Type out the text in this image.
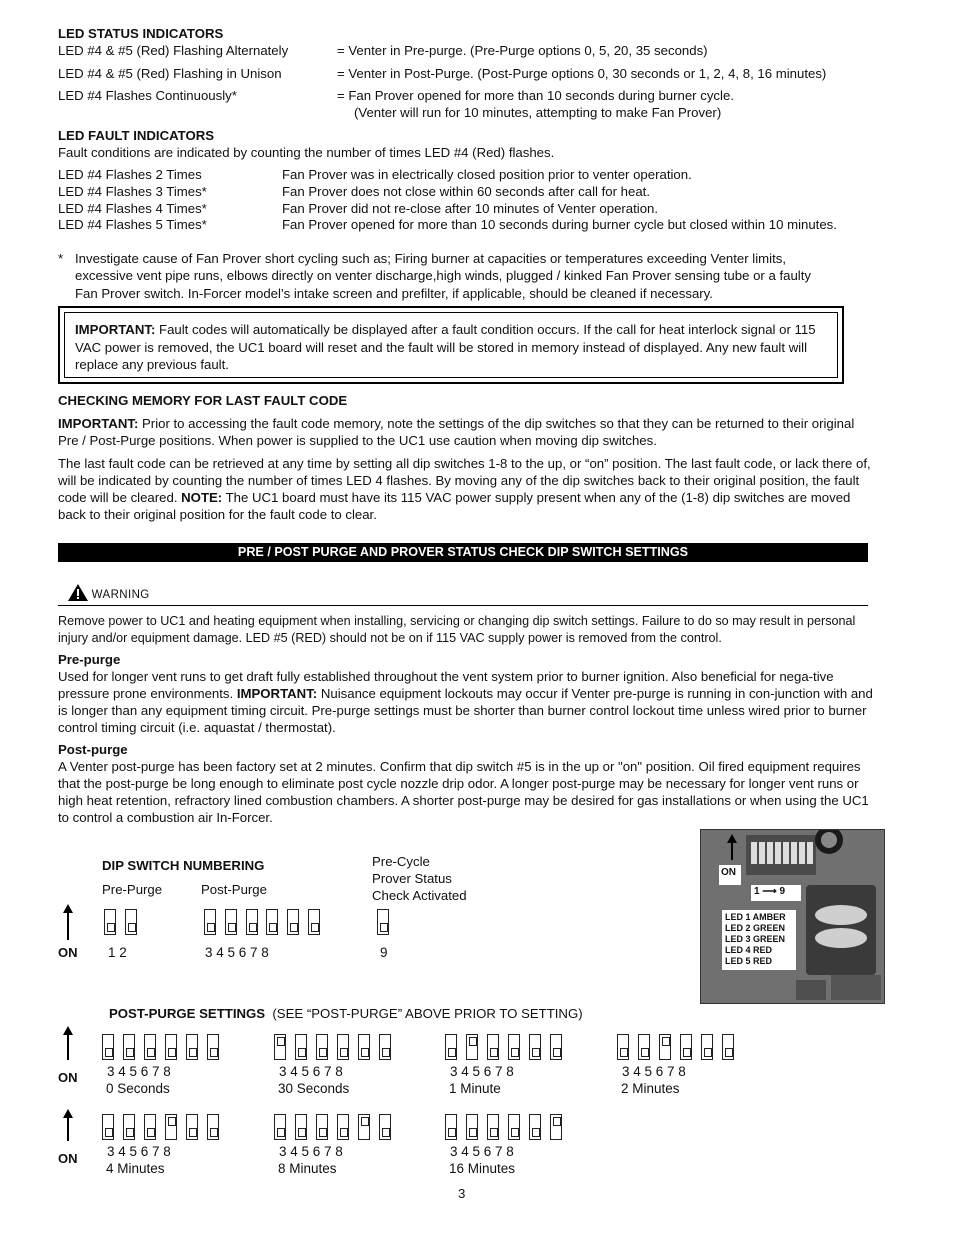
LED STATUS INDICATORS
LED #4 & #5 (Red) Flashing Alternately	= Venter in Pre-purge. (Pre-Purge options 0, 5, 20, 35 seconds)
LED #4 & #5 (Red) Flashing in Unison	= Venter in Post-Purge. (Post-Purge options 0, 30 seconds or 1, 2, 4, 8, 16 minutes)
LED #4 Flashes Continuously*	= Fan Prover opened for more than 10 seconds during burner cycle.
(Venter will run for 10 minutes, attempting to make Fan Prover)
LED FAULT INDICATORS
Fault conditions are indicated by counting the number of times LED #4 (Red) flashes.
LED #4 Flashes 2 Times	Fan Prover was in electrically closed position prior to venter operation.
LED #4 Flashes 3 Times*	Fan Prover does not close within 60 seconds after call for heat.
LED #4 Flashes 4 Times*	Fan Prover did not re-close after 10 minutes of Venter operation.
LED #4 Flashes 5 Times*	Fan Prover opened for more than 10 seconds during burner cycle but closed within 10 minutes.
* Investigate cause of Fan Prover short cycling such as; Firing burner at capacities or temperatures exceeding Venter limits,
excessive vent pipe runs, elbows directly on venter discharge,high winds, plugged / kinked Fan Prover sensing tube or a faulty
Fan Prover switch. In-Forcer model’s intake screen and prefilter, if applicable, should be cleaned if necessary.
IMPORTANT: Fault codes will automatically be displayed after a fault condition occurs. If the call for heat interlock signal or 115 VAC power is removed, the UC1 board will reset and the fault will be stored in memory instead of displayed. Any new fault will replace any previous fault.
CHECKING MEMORY FOR LAST FAULT CODE

IMPORTANT: Prior to accessing the fault code memory, note the settings of the dip switches so that they can be returned to their original Pre / Post-Purge positions. When power is supplied to the UC1 use caution when moving dip switches.

The last fault code can be retrieved at any time by setting all dip switches 1-8 to the up, or “on” position. The last fault code, or lack there of, will be indicated by counting the number of times LED 4 flashes. By moving any of the dip switches back to their original position, the fault code will be cleared. NOTE: The UC1 board must have its 115 VAC power supply present when any of the (1-8) dip switches are moved back to their original position for the fault code to clear.

PRE / POST PURGE AND PROVER STATUS CHECK DIP SWITCH SETTINGS
WARNING

Remove power to UC1 and heating equipment when installing, servicing or changing dip switch settings. Failure to do so may result in personal injury and/or equipment damage. LED #5 (RED) should not be on if 115 VAC supply power is removed from the control.

Pre-purge

Used for longer vent runs to get draft fully established throughout the vent system prior to burner ignition. Also beneficial for nega-tive pressure prone environments. IMPORTANT: Nuisance equipment lockouts may occur if Venter pre-purge is running in con-junction with and is longer than any equipment timing circuit. Pre-purge settings must be shorter than burner control lockout time unless wired prior to burner control timing circuit (i.e. aquastat / thermostat).

Post-purge

A Venter post-purge has been factory set at 2 minutes. Confirm that dip switch #5 is in the up or "on" position. Oil fired equipment requires that the post-purge be long enough to eliminate post cycle nozzle drip odor. A longer post-purge may be necessary for longer vent runs or high heat retention, refractory lined combustion chambers. A shorter post-purge may be desired for gas installations or when using the UC1 to control a combustion air In-Forcer.

DIP SWITCH NUMBERING
Pre-Purge	Post-Purge
Pre-Cycle
Prover Status
Check Activated
ON 1 2	3 4 5 6 7 8	9
ON
1 ⟶ 9
LED 1 AMBER
LED 2 GREEN
LED 3 GREEN
LED 4 RED
LED 5 RED
POST-PURGE SETTINGS (SEE “POST-PURGE” ABOVE PRIOR TO SETTING)
ON
ON
3 4 5 6 7 8
0 Seconds
3 4 5 6 7 8
30 Seconds
3 4 5 6 7 8
1 Minute
3 4 5 6 7 8
2 Minutes
3 4 5 6 7 8
4 Minutes
3 4 5 6 7 8
8 Minutes
3 4 5 6 7 8
16 Minutes
3
